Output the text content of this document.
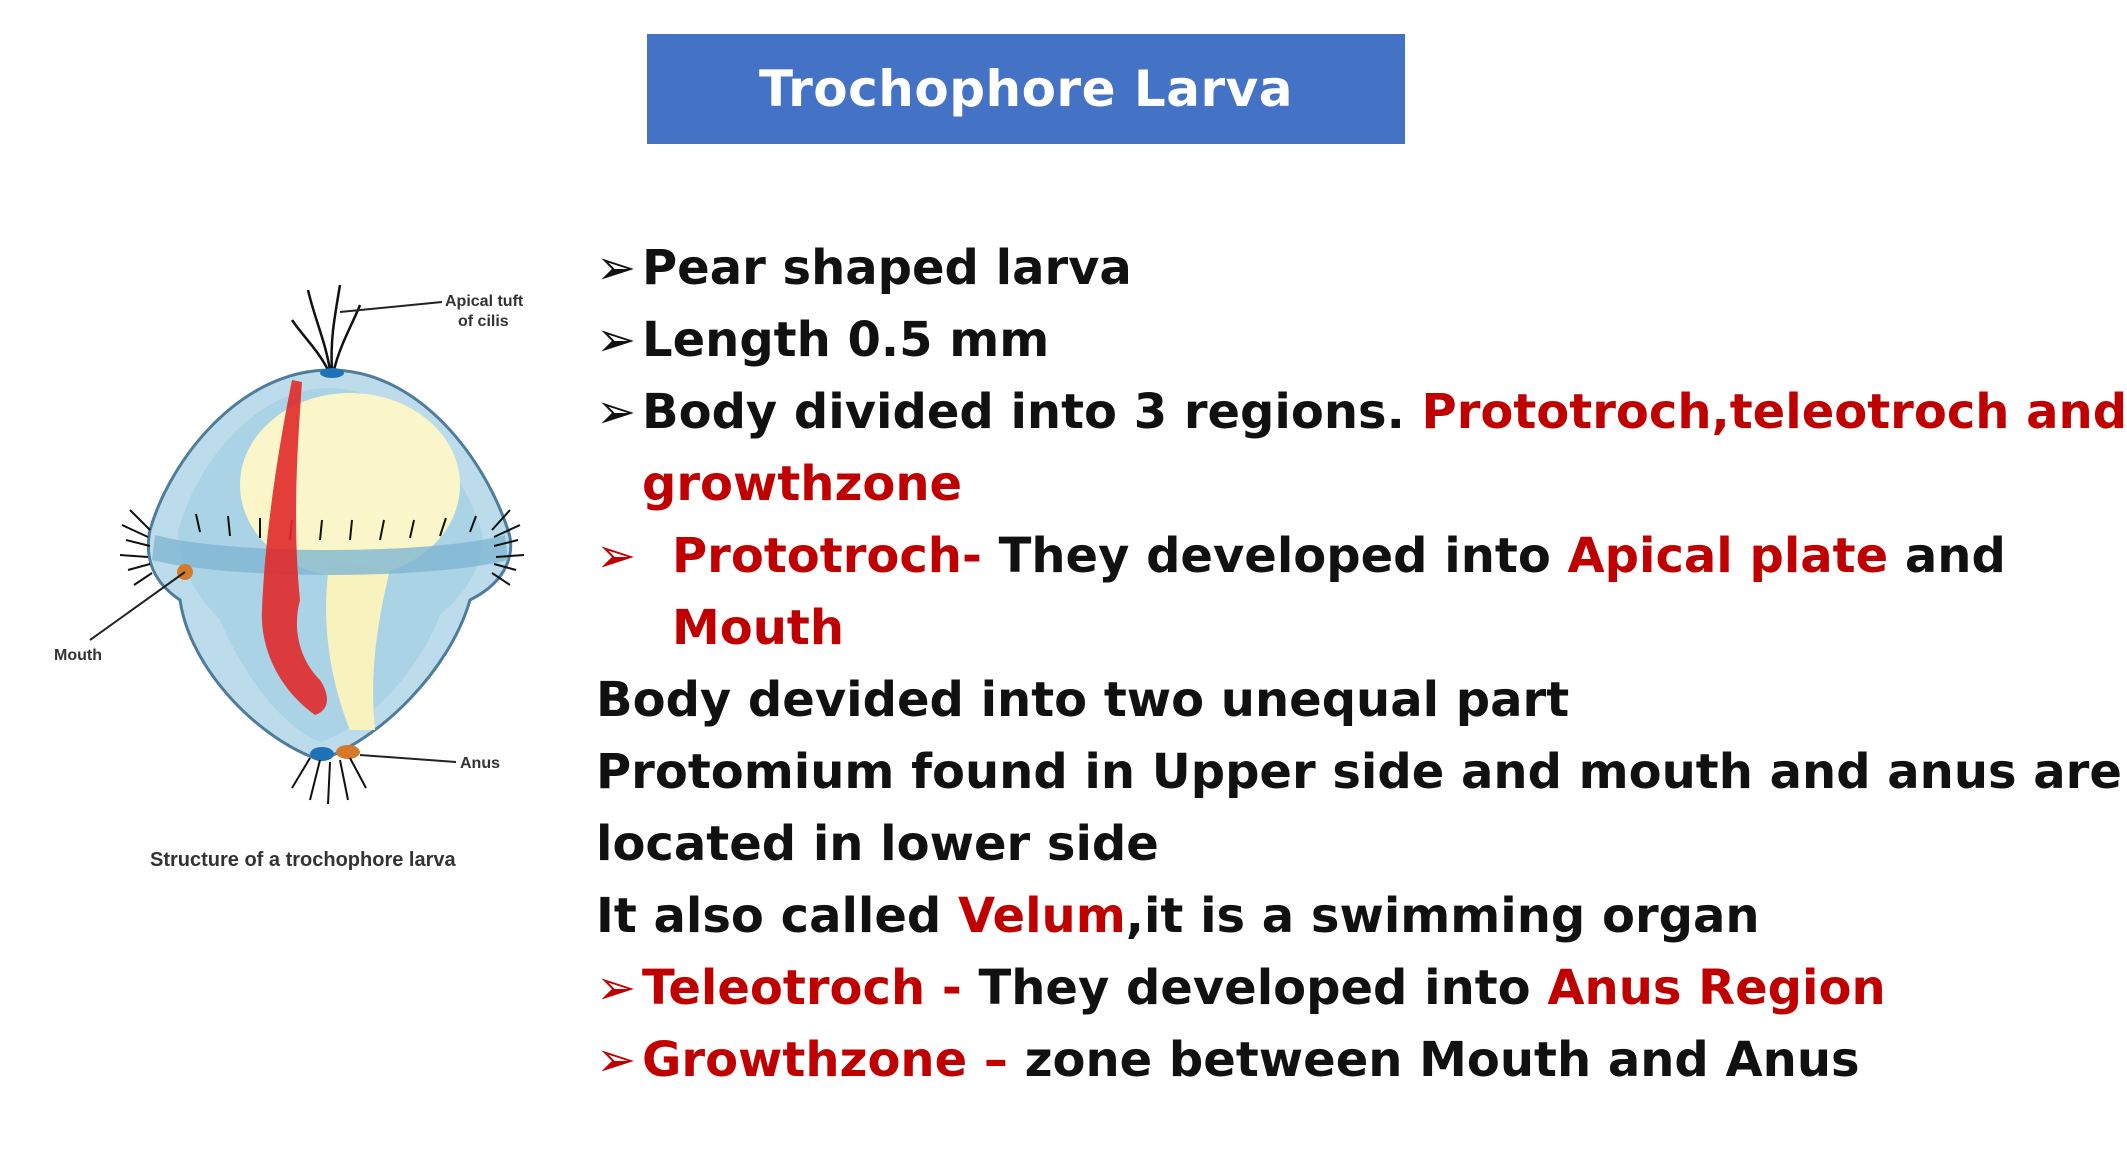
Trochophore Larva
Apical tuft
of cilis
Mouth
Anus
Structure of a trochophore larva
➢ Pear shaped larva
➢ Length 0.5 mm
➢ Body divided into 3 regions. Prototroch,teleotroch and
growthzone
➢ Prototroch- They developed into Apical plate and
Mouth
Body devided into two unequal part
Protomium found in Upper side and mouth and anus are
located in lower side
It also called Velum,it is a swimming organ
➢ Teleotroch - They developed into Anus Region
➢ Growthzone – zone between Mouth and Anus
